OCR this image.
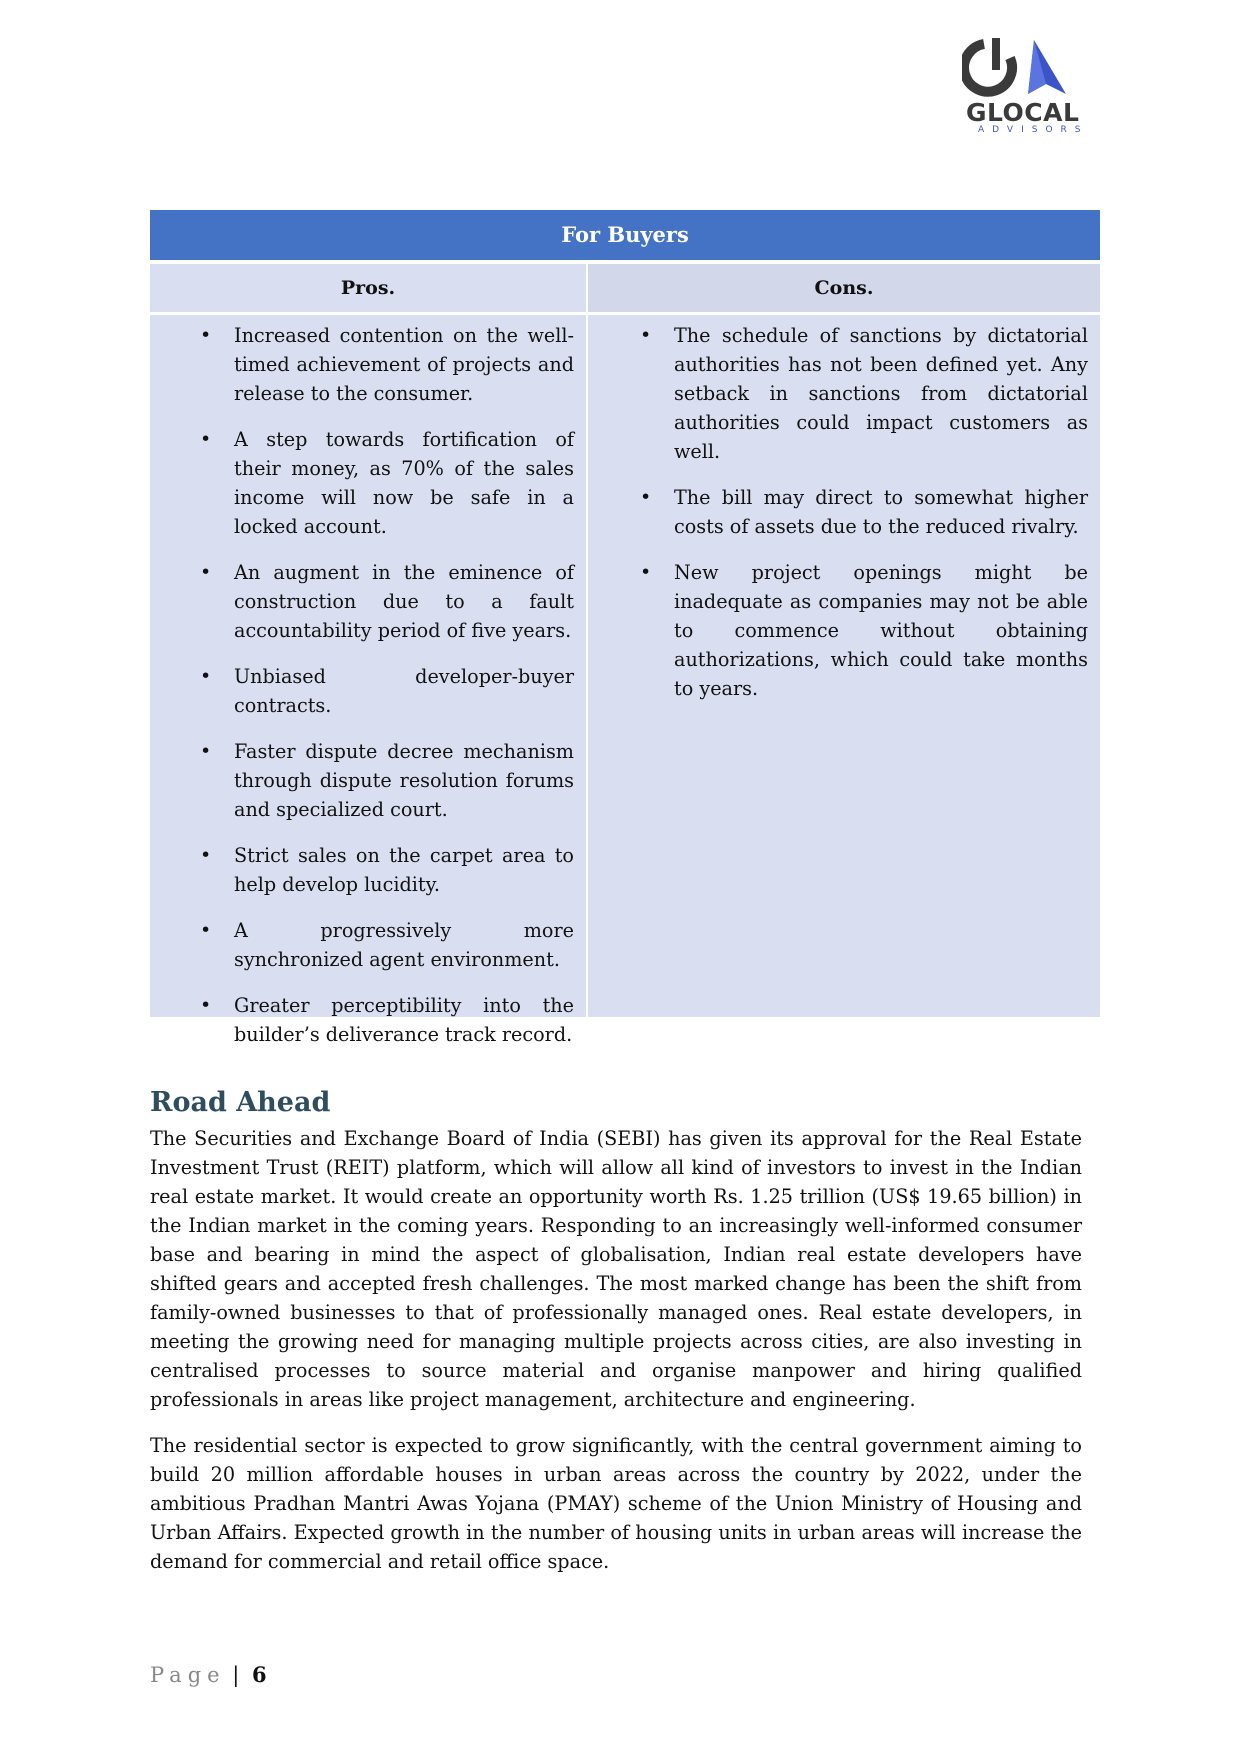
GLOCAL
ADVISORS
For Buyers
Pros.	Cons.
• Increased contention on the well-timed achievement of projects and release to the consumer.
• A step towards fortification of their money, as 70% of the sales income will now be safe in a locked account.
• An augment in the eminence of construction due to a fault accountability period of five years.
• Unbiased developer-buyer contracts.
• Faster dispute decree mechanism through dispute resolution forums and specialized court.
• Strict sales on the carpet area to help develop lucidity.
• A progressively more synchronized agent environment.
• Greater perceptibility into the builder’s deliverance track record.
• The schedule of sanctions by dictatorial authorities has not been defined yet. Any setback in sanctions from dictatorial authorities could impact customers as well.
• The bill may direct to somewhat higher costs of assets due to the reduced rivalry.
• New project openings might be inadequate as companies may not be able to commence without obtaining authorizations, which could take months to years.
Road Ahead

The Securities and Exchange Board of India (SEBI) has given its approval for the Real Estate Investment Trust (REIT) platform, which will allow all kind of investors to invest in the Indian real estate market. It would create an opportunity worth Rs. 1.25 trillion (US$ 19.65 billion) in the Indian market in the coming years. Responding to an increasingly well-informed consumer base and bearing in mind the aspect of globalisation, Indian real estate developers have shifted gears and accepted fresh challenges. The most marked change has been the shift from family-owned businesses to that of professionally managed ones. Real estate developers, in meeting the growing need for managing multiple projects across cities, are also investing in centralised processes to source material and organise manpower and hiring qualified professionals in areas like project management, architecture and engineering.

The residential sector is expected to grow significantly, with the central government aiming to build 20 million affordable houses in urban areas across the country by 2022, under the ambitious Pradhan Mantri Awas Yojana (PMAY) scheme of the Union Ministry of Housing and Urban Affairs. Expected growth in the number of housing units in urban areas will increase the demand for commercial and retail office space.

Page | 6
